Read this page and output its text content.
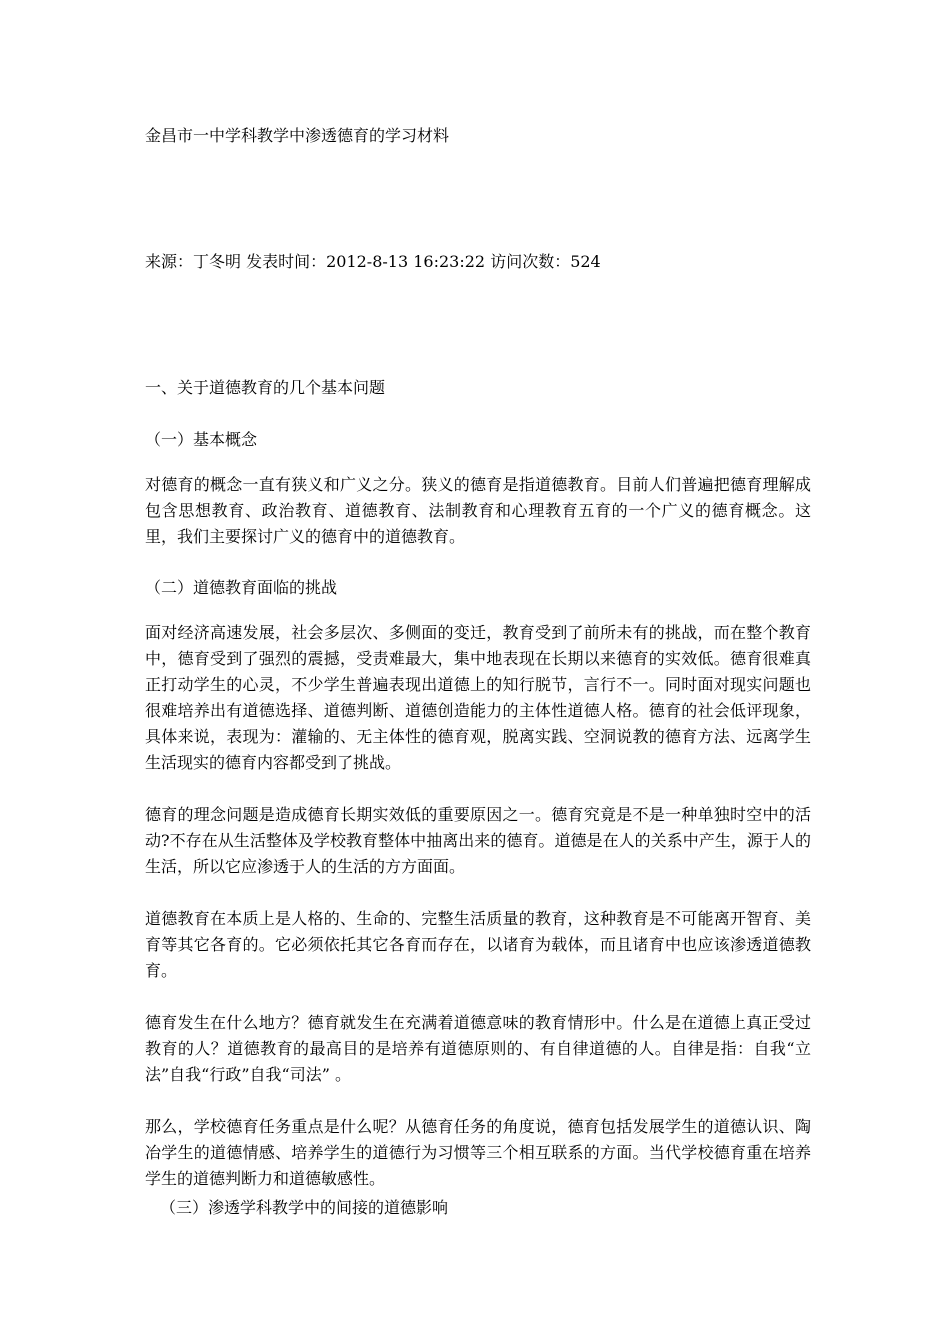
金昌市一中学科教学中渗透德育的学习材料

来源：丁冬明 发表时间：2012-8-13 16:23:22 访问次数：524

一、关于道德教育的几个基本问题

（一）基本概念

对德育的概念一直有狭义和广义之分。狭义的德育是指道德教育。目前人们普遍把德育理解成包含思想教育、政治教育、道德教育、法制教育和心理教育五育的一个广义的德育概念。这里，我们主要探讨广义的德育中的道德教育。

（二）道德教育面临的挑战

面对经济高速发展，社会多层次、多侧面的变迁，教育受到了前所未有的挑战，而在整个教育中，德育受到了强烈的震撼，受责难最大，集中地表现在长期以来德育的实效低。德育很难真正打动学生的心灵，不少学生普遍表现出道德上的知行脱节，言行不一。同时面对现实问题也很难培养出有道德选择、道德判断、道德创造能力的主体性道德人格。德育的社会低评现象，具体来说，表现为：灌输的、无主体性的德育观，脱离实践、空洞说教的德育方法、远离学生生活现实的德育内容都受到了挑战。

德育的理念问题是造成德育长期实效低的重要原因之一。德育究竟是不是一种单独时空中的活动?不存在从生活整体及学校教育整体中抽离出来的德育。道德是在人的关系中产生，源于人的生活，所以它应渗透于人的生活的方方面面。

道德教育在本质上是人格的、生命的、完整生活质量的教育，这种教育是不可能离开智育、美育等其它各育的。它必须依托其它各育而存在，以诸育为载体，而且诸育中也应该渗透道德教育。

德育发生在什么地方？德育就发生在充满着道德意味的教育情形中。什么是在道德上真正受过教育的人？道德教育的最高目的是培养有道德原则的、有自律道德的人。自律是指：自我“立法”自我“行政”自我“司法” 。

那么，学校德育任务重点是什么呢？从德育任务的角度说，德育包括发展学生的道德认识、陶冶学生的道德情感、培养学生的道德行为习惯等三个相互联系的方面。当代学校德育重在培养学生的道德判断力和道德敏感性。

（三）渗透学科教学中的间接的道德影响
